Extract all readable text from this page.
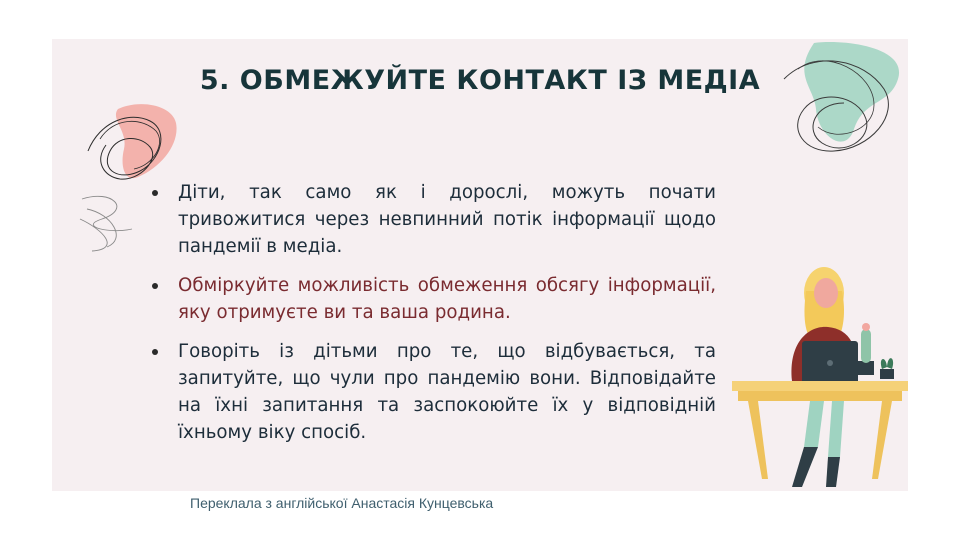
5. ОБМЕЖУЙТЕ КОНТАКТ ІЗ МЕДІА
Діти, так само як і дорослі, можуть почати тривожитися через невпинний потік інформації щодо пандемії в медіа.
Обміркуйте можливість обмеження обсягу інформації, яку отримуєте ви та ваша родина.
Говоріть із дітьми про те, що відбувається, та запитуйте, що чули про пандемію вони. Відповідайте на їхні запитання та заспокоюйте їх у відповідній їхньому віку спосіб.
Переклала з англійської Анастасія Кунцевська
